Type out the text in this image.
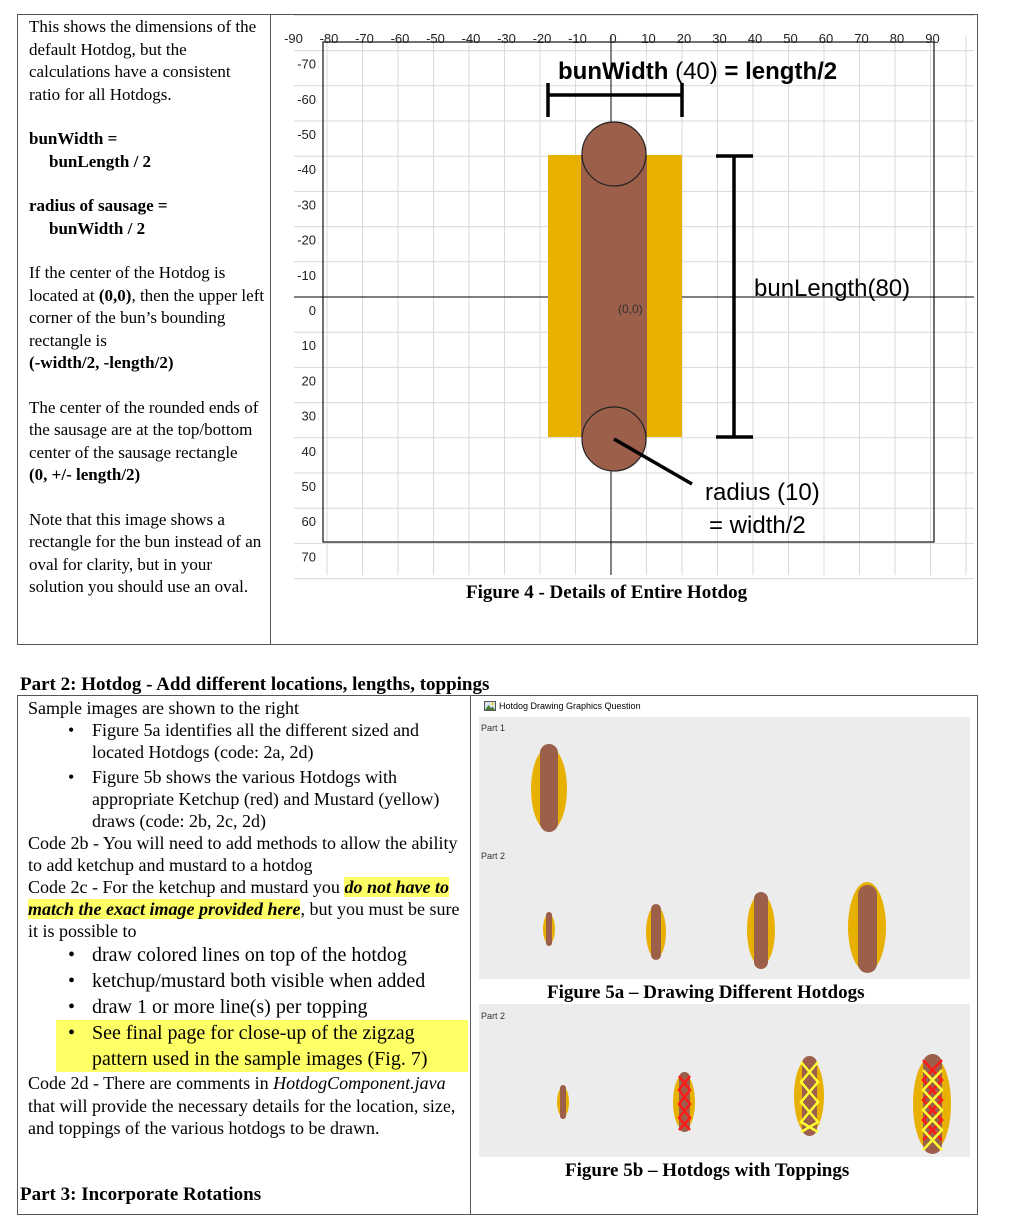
This shows the dimensions of the default Hotdog, but the calculations have a consistent ratio for all Hotdogs.

bunWidth =

bunLength / 2

radius of sausage =

bunWidth / 2

If the center of the Hotdog is located at (0,0), then the upper left corner of the bun’s bounding rectangle is

(-width/2, -length/2)

The center of the rounded ends of the sausage are at the top/bottom center of the sausage rectangle

(0, +/- length/2)

Note that this image shows a rectangle for the bun instead of an oval for clarity, but in your solution you should use an oval.

-90 -80 -70 -60 -50 -40 -30 -20 -10 0 10 20 30 40 50 60 70 80 90
-70
-60
-50
-40
-30
-20
-10
0
10
20
30
40
50
60
70
(0,0)
bunWidth (40) = length/2
bunLength(80)
radius (10)
= width/2
Figure 4 - Details of Entire Hotdog
Part 2: Hotdog - Add different locations, lengths, toppings

Sample images are shown to the right

• Figure 5a identifies all the different sized and located Hotdogs (code: 2a, 2d)
• Figure 5b shows the various Hotdogs with appropriate Ketchup (red) and Mustard (yellow) draws (code: 2b, 2c, 2d)

Code 2b - You will need to add methods to allow the ability to add ketchup and mustard to a hotdog

Code 2c - For the ketchup and mustard you do not have to match the exact image provided here, but you must be sure it is possible to

• draw colored lines on top of the hotdog
• ketchup/mustard both visible when added
• draw 1 or more line(s) per topping
• See final page for close-up of the zigzag pattern used in the sample images (Fig. 7)

Code 2d - There are comments in HotdogComponent.java that will provide the necessary details for the location, size, and toppings of the various hotdogs to be drawn.

Hotdog Drawing Graphics Question
Part 1
Part 2
Figure 5a – Drawing Different Hotdogs
Part 2
Figure 5b – Hotdogs with Toppings
Part 3: Incorporate Rotations
